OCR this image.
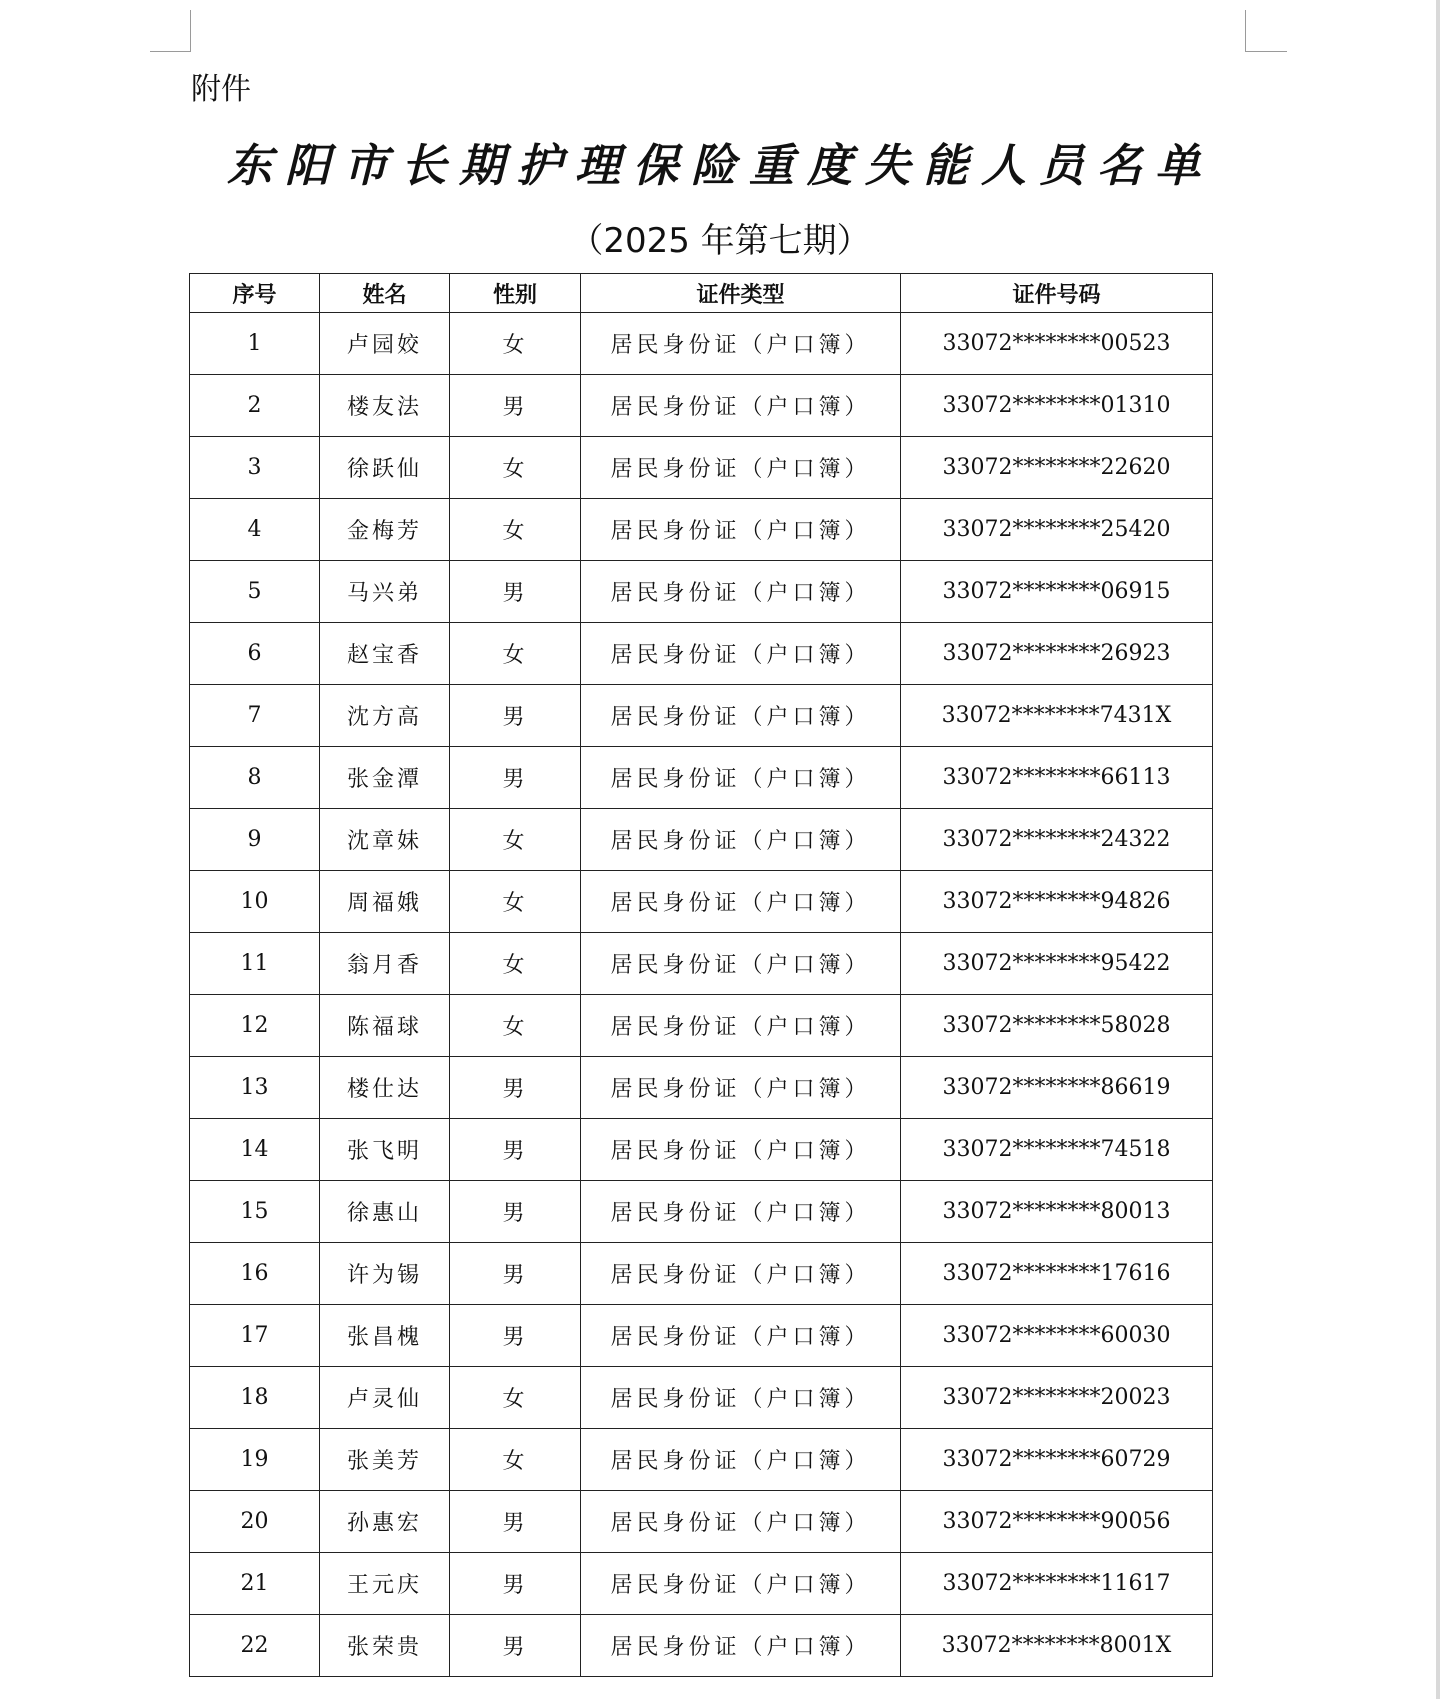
附件
东阳市长期护理保险重度失能人员名单
（2025 年第七期）
序号	姓名	性别	证件类型	证件号码
1	卢园姣	女	居民身份证（户口簿）	33072********00523
2	楼友法	男	居民身份证（户口簿）	33072********01310
3	徐跃仙	女	居民身份证（户口簿）	33072********22620
4	金梅芳	女	居民身份证（户口簿）	33072********25420
5	马兴弟	男	居民身份证（户口簿）	33072********06915
6	赵宝香	女	居民身份证（户口簿）	33072********26923
7	沈方高	男	居民身份证（户口簿）	33072********7431X
8	张金潭	男	居民身份证（户口簿）	33072********66113
9	沈章妹	女	居民身份证（户口簿）	33072********24322
10	周福娥	女	居民身份证（户口簿）	33072********94826
11	翁月香	女	居民身份证（户口簿）	33072********95422
12	陈福球	女	居民身份证（户口簿）	33072********58028
13	楼仕达	男	居民身份证（户口簿）	33072********86619
14	张飞明	男	居民身份证（户口簿）	33072********74518
15	徐惠山	男	居民身份证（户口簿）	33072********80013
16	许为锡	男	居民身份证（户口簿）	33072********17616
17	张昌槐	男	居民身份证（户口簿）	33072********60030
18	卢灵仙	女	居民身份证（户口簿）	33072********20023
19	张美芳	女	居民身份证（户口簿）	33072********60729
20	孙惠宏	男	居民身份证（户口簿）	33072********90056
21	王元庆	男	居民身份证（户口簿）	33072********11617
22	张荣贵	男	居民身份证（户口簿）	33072********8001X
